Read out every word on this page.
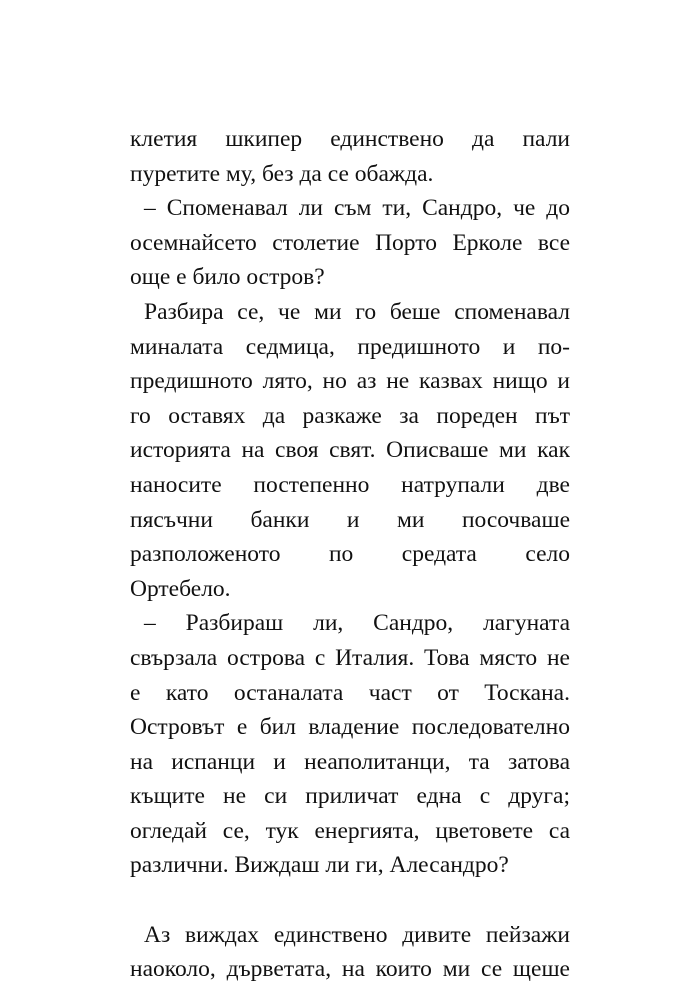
клетия шкипер единствено да пали
пуретите му, без да се обажда.
– Споменавал ли съм ти, Сандро, че до
осемнайсето столетие Порто Ерколе все
още е било остров?
Разбира се, че ми го беше споменавал
миналата седмица, предишното и по-
предишното лято, но аз не казвах нищо и
го оставях да разкаже за пореден път
историята на своя свят. Описваше ми как
наносите постепенно натрупали две
пясъчни банки и ми посочваше
разположеното по средата село
Ортебело.
– Разбираш ли, Сандро, лагуната
свързала острова с Италия. Това място не
е като останалата част от Тоскана.
Островът е бил владение последователно
на испанци и неаполитанци, та затова
къщите не си приличат една с друга;
огледай се, тук енергията, цветовете са
различни. Виждаш ли ги, Алесандро?
Аз виждах единствено дивите пейзажи
наоколо, дърветата, на които ми се щеше
